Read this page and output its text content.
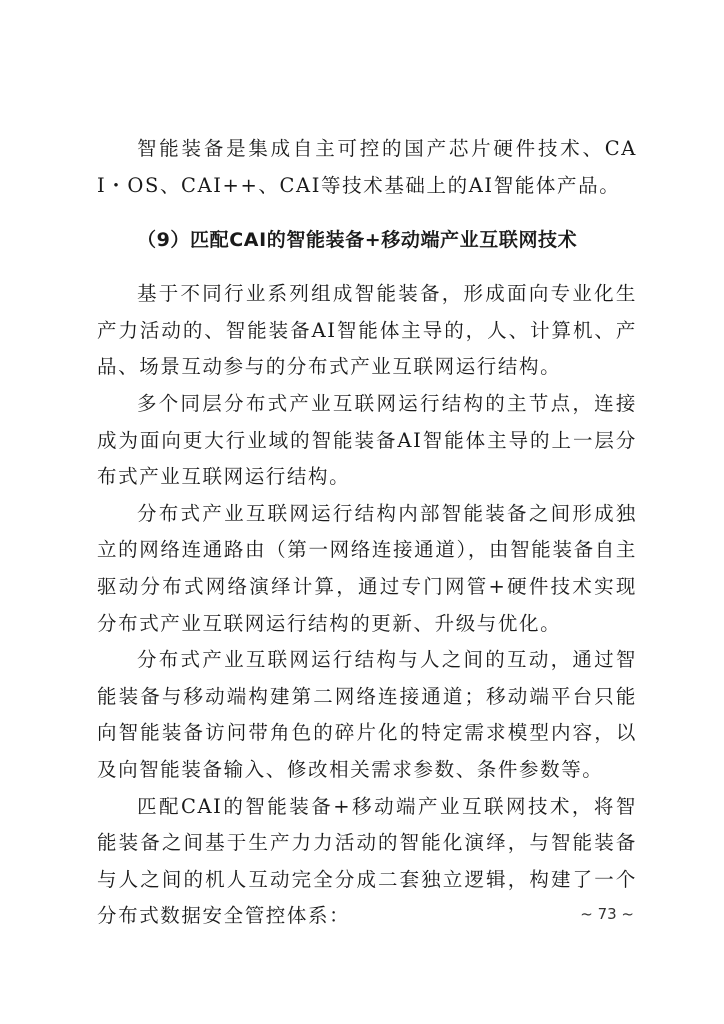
智能装备是集成自主可控的国产芯片硬件技术、CAI・OS、CAI++、CAI等技术基础上的AI智能体产品。

（9）匹配CAI的智能装备+移动端产业互联网技术

基于不同行业系列组成智能装备，形成面向专业化生产力活动的、智能装备AI智能体主导的，人、计算机、产品、场景互动参与的分布式产业互联网运行结构。

多个同层分布式产业互联网运行结构的主节点，连接成为面向更大行业域的智能装备AI智能体主导的上一层分布式产业互联网运行结构。

分布式产业互联网运行结构内部智能装备之间形成独立的网络连通路由（第一网络连接通道），由智能装备自主驱动分布式网络演绎计算，通过专门网管+硬件技术实现分布式产业互联网运行结构的更新、升级与优化。

分布式产业互联网运行结构与人之间的互动，通过智能装备与移动端构建第二网络连接通道；移动端平台只能向智能装备访问带角色的碎片化的特定需求模型内容，以及向智能装备输入、修改相关需求参数、条件参数等。

匹配CAI的智能装备+移动端产业互联网技术，将智能装备之间基于生产力力活动的智能化演绎，与智能装备与人之间的机人互动完全分成二套独立逻辑，构建了一个分布式数据安全管控体系：	~ 73 ~
